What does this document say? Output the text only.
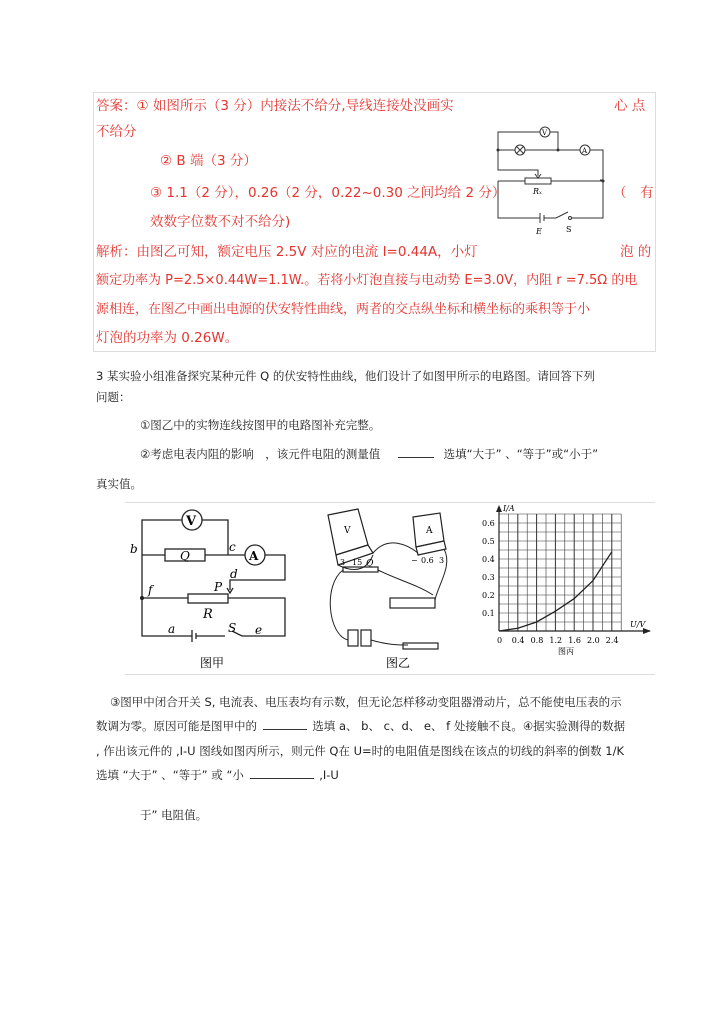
答案：① 如图所示（3 分）内接法不给分,导线连接处没画实	心 点
不给分
② B 端（3 分）
③ 1.1（2 分），0.26（2 分，0.22~0.30 之间均给 2 分）	（　有
效数字位数不对不给分)
解析：由图乙可知，额定电压 2.5V 对应的电流 I=0.44A，小灯	泡 的
额定功率为 P=2.5×0.44W=1.1W.。若将小灯泡直接与电动势 E=3.0V，内阻 r =7.5Ω 的电
源相连，在图乙中画出电源的伏安特性曲线，两者的交点纵坐标和横坐标的乘积等于小
灯泡的功率为 0.26W。
V
A
Rₓ
E	S
3 某实验小组准备探究某种元件 Q 的伏安特性曲线，他们设计了如图甲所示的电路图。请回答下列
问题：
①图乙中的实物连线按图甲的电路图补充完整。
②考虑电表内阻的影响　，该元件电阻的测量值	选填“大于” 、“等于”或“小于”
真实值。
V
A
Q
R
P
b	c
d
f
a	S e
图甲
V	A
3 15 Q	− 0.6 3
图乙
0.1
0.2
0.3
0.4
0.5
0.6
0 0.4 0.8 1.2 1.6 2.0 2.4
I/A
U/V
图丙
③图甲中闭合开关 S, 电流表、电压表均有示数，但无论怎样移动变阻器滑动片，总不能使电压表的示
数调为零。原因可能是图甲中的	选填 a、 b、 c、d、 e、 f 处接触不良。④据实验测得的数据
, 作出该元件的 ,I-U 图线如图丙所示，则元件 Q在 U=时的电阻值是图线在该点的切线的斜率的倒数 1/K
选填 “大于” 、“等于” 或 “小	,I-U
于” 电阻值。
